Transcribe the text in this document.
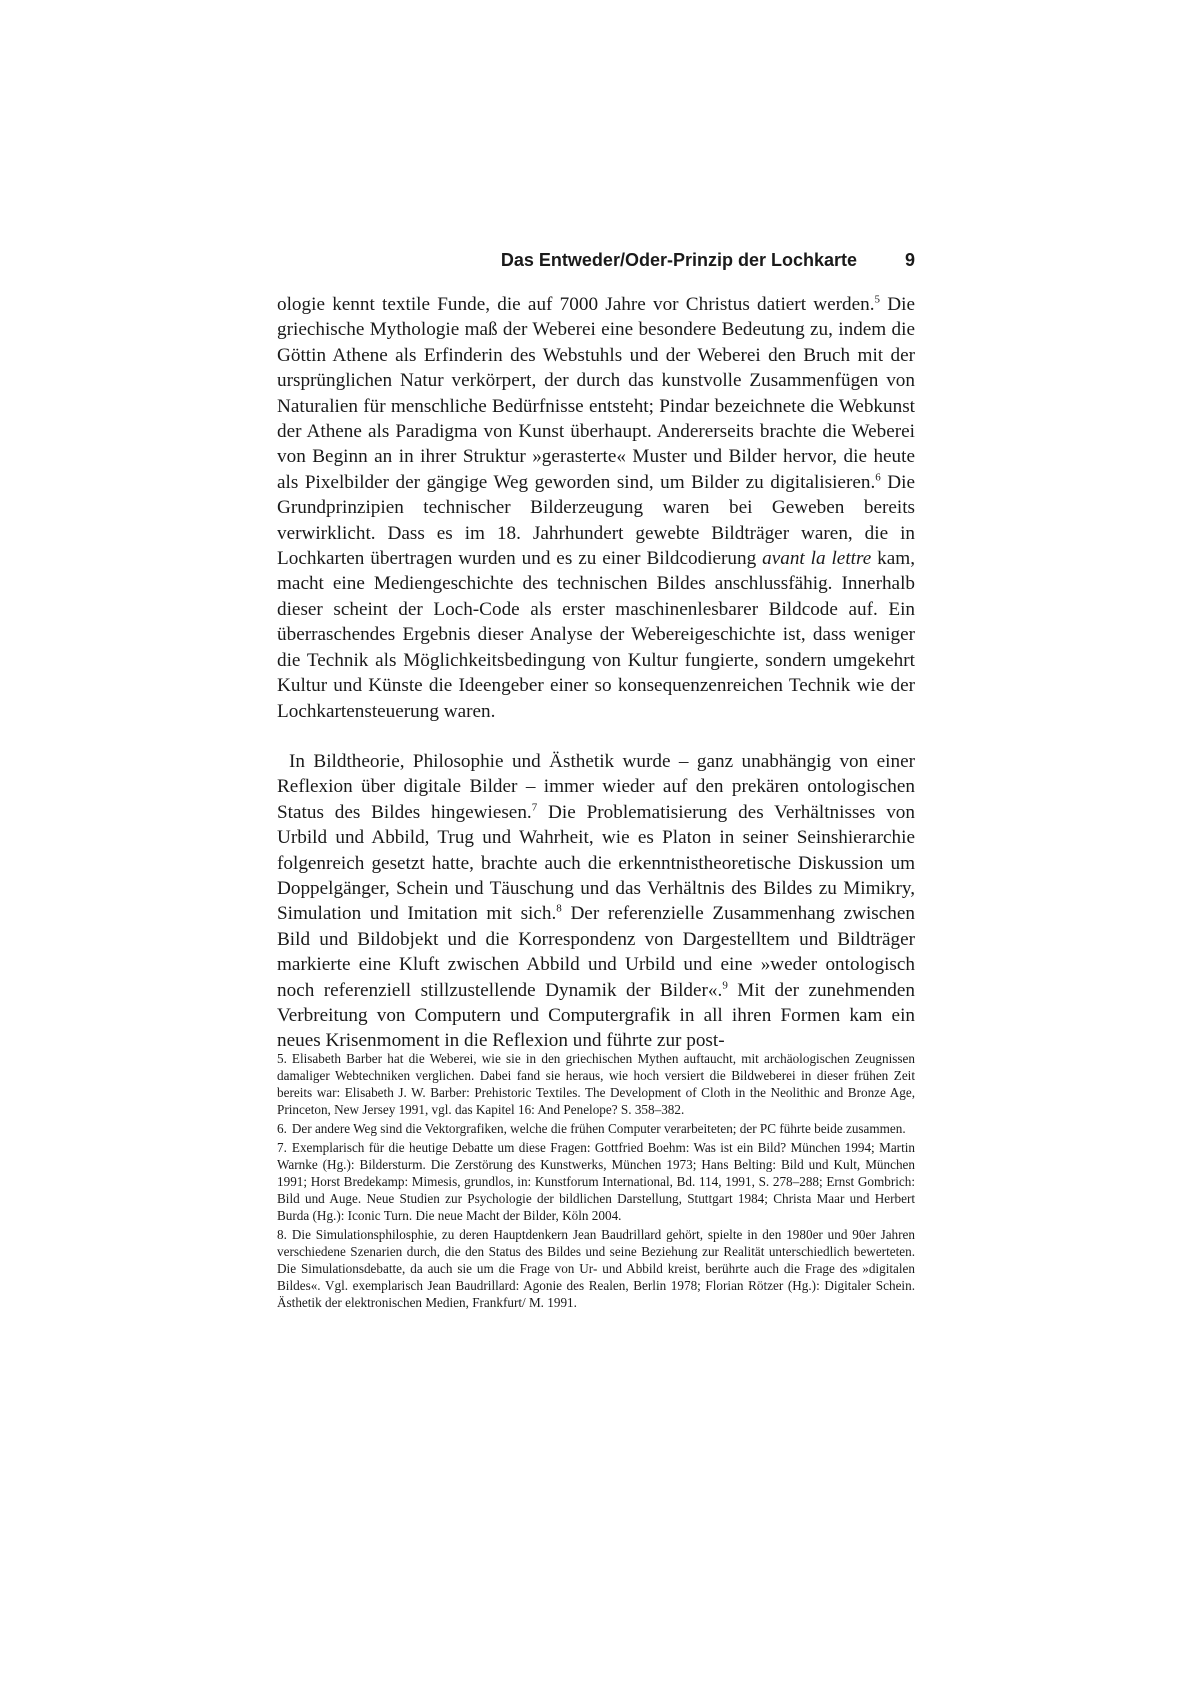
Das Entweder/Oder-Prinzip der Lochkarte	9

ologie kennt textile Funde, die auf 7000 Jahre vor Christus datiert werden.$^5$ Die griechische Mythologie maß der Weberei eine besondere Bedeutung zu, indem die Göttin Athene als Erfinderin des Webstuhls und der Weberei den Bruch mit der ursprünglichen Natur verkörpert, der durch das kunstvolle Zusammenfügen von Naturalien für menschliche Bedürfnisse entsteht; Pindar bezeichnete die Webkunst der Athene als Paradigma von Kunst überhaupt. Andererseits brachte die Weberei von Beginn an in ihrer Struktur »gerasterte« Muster und Bilder hervor, die heute als Pixelbilder der gängige Weg geworden sind, um Bilder zu digitalisieren.$^6$ Die Grundprinzipien technischer Bilderzeugung waren bei Geweben bereits verwirklicht. Dass es im 18. Jahrhundert gewebte Bildträger waren, die in Lochkarten übertragen wurden und es zu einer Bildcodierung avant la lettre kam, macht eine Mediengeschichte des technischen Bildes anschlussfähig. Innerhalb dieser scheint der Loch-Code als erster maschinenlesbarer Bildcode auf. Ein überraschendes Ergebnis dieser Analyse der Webereigeschichte ist, dass weniger die Technik als Möglichkeitsbedingung von Kultur fungierte, sondern umgekehrt Kultur und Künste die Ideengeber einer so konsequenzenreichen Technik wie der Lochkartensteuerung waren.

In Bildtheorie, Philosophie und Ästhetik wurde – ganz unabhängig von einer Reflexion über digitale Bilder – immer wieder auf den prekären ontologischen Status des Bildes hingewiesen.$^7$ Die Problematisierung des Verhältnisses von Urbild und Abbild, Trug und Wahrheit, wie es Platon in seiner Seinshierarchie folgenreich gesetzt hatte, brachte auch die erkenntnistheoretische Diskussion um Doppelgänger, Schein und Täuschung und das Verhältnis des Bildes zu Mimikry, Simulation und Imitation mit sich.$^8$ Der referenzielle Zusammenhang zwischen Bild und Bildobjekt und die Korrespondenz von Dargestelltem und Bildträger markierte eine Kluft zwischen Abbild und Urbild und eine »weder ontologisch noch referenziell stillzustellende Dynamik der Bilder«.$^9$ Mit der zunehmenden Verbreitung von Computern und Computergrafik in all ihren Formen kam ein neues Krisenmoment in die Reflexion und führte zur post-

5. Elisabeth Barber hat die Weberei, wie sie in den griechischen Mythen auftaucht, mit archäologischen Zeugnissen damaliger Webtechniken verglichen. Dabei fand sie heraus, wie hoch versiert die Bildweberei in dieser frühen Zeit bereits war: Elisabeth J. W. Barber: Prehistoric Textiles. The Development of Cloth in the Neolithic and Bronze Age, Princeton, New Jersey 1991, vgl. das Kapitel 16: And Penelope? S. 358–382.

6. Der andere Weg sind die Vektorgrafiken, welche die frühen Computer verarbeiteten; der PC führte beide zusammen.

7. Exemplarisch für die heutige Debatte um diese Fragen: Gottfried Boehm: Was ist ein Bild? München 1994; Martin Warnke (Hg.): Bildersturm. Die Zerstörung des Kunstwerks, München 1973; Hans Belting: Bild und Kult, München 1991; Horst Bredekamp: Mimesis, grundlos, in: Kunstforum International, Bd. 114, 1991, S. 278–288; Ernst Gombrich: Bild und Auge. Neue Studien zur Psychologie der bildlichen Darstellung, Stuttgart 1984; Christa Maar und Herbert Burda (Hg.): Iconic Turn. Die neue Macht der Bilder, Köln 2004.

8. Die Simulationsphilosphie, zu deren Hauptdenkern Jean Baudrillard gehört, spielte in den 1980er und 90er Jahren verschiedene Szenarien durch, die den Status des Bildes und seine Beziehung zur Realität unterschiedlich bewerteten. Die Simulationsdebatte, da auch sie um die Frage von Ur- und Abbild kreist, berührte auch die Frage des »digitalen Bildes«. Vgl. exemplarisch Jean Baudrillard: Agonie des Realen, Berlin 1978; Florian Rötzer (Hg.): Digitaler Schein. Ästhetik der elektronischen Medien, Frankfurt/ M. 1991.
